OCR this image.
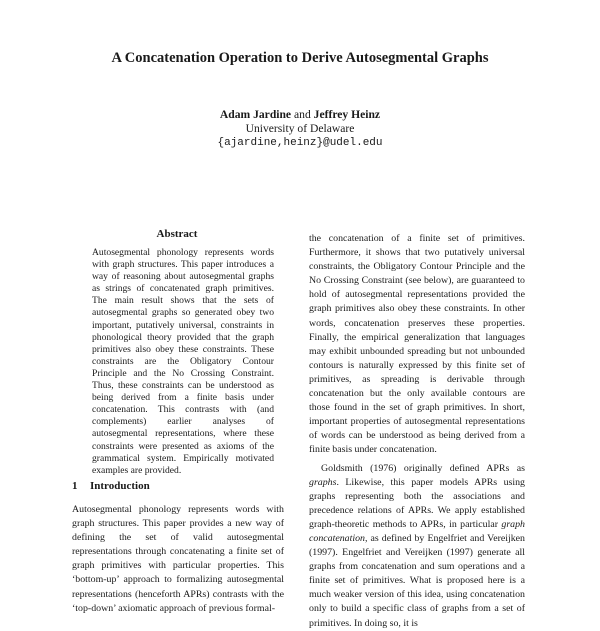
A Concatenation Operation to Derive Autosegmental Graphs
Adam Jardine and Jeffrey Heinz
University of Delaware
{ajardine,heinz}@udel.edu
Abstract

Autosegmental phonology represents words with graph structures. This paper introduces a way of reasoning about autosegmental graphs as strings of concatenated graph primitives. The main result shows that the sets of autosegmental graphs so generated obey two important, putatively universal, constraints in phonological theory provided that the graph primitives also obey these constraints. These constraints are the Obligatory Contour Principle and the No Crossing Constraint. Thus, these constraints can be understood as being derived from a finite basis under concatenation. This contrasts with (and complements) earlier analyses of autosegmental representations, where these constraints were presented as axioms of the grammatical system. Empirically motivated examples are provided.

1 Introduction

Autosegmental phonology represents words with graph structures. This paper provides a new way of defining the set of valid autosegmental representations through concatenating a finite set of graph primitives with particular properties. This ‘bottom-up’ approach to formalizing autosegmental representations (henceforth APRs) contrasts with the ‘top-down’ axiomatic approach of previous formal-

the concatenation of a finite set of primitives. Furthermore, it shows that two putatively universal constraints, the Obligatory Contour Principle and the No Crossing Constraint (see below), are guaranteed to hold of autosegmental representations provided the graph primitives also obey these constraints. In other words, concatenation preserves these properties. Finally, the empirical generalization that languages may exhibit unbounded spreading but not unbounded contours is naturally expressed by this finite set of primitives, as spreading is derivable through concatenation but the only available contours are those found in the set of graph primitives. In short, important properties of autosegmental representations of words can be understood as being derived from a finite basis under concatenation.

Goldsmith (1976) originally defined APRs as graphs. Likewise, this paper models APRs using graphs representing both the associations and precedence relations of APRs. We apply established graph-theoretic methods to APRs, in particular graph concatenation, as defined by Engelfriet and Vereijken (1997). Engelfriet and Vereijken (1997) generate all graphs from concatenation and sum operations and a finite set of primitives. What is proposed here is a much weaker version of this idea, using concatenation only to build a specific class of graphs from a set of primitives. In doing so, it is
